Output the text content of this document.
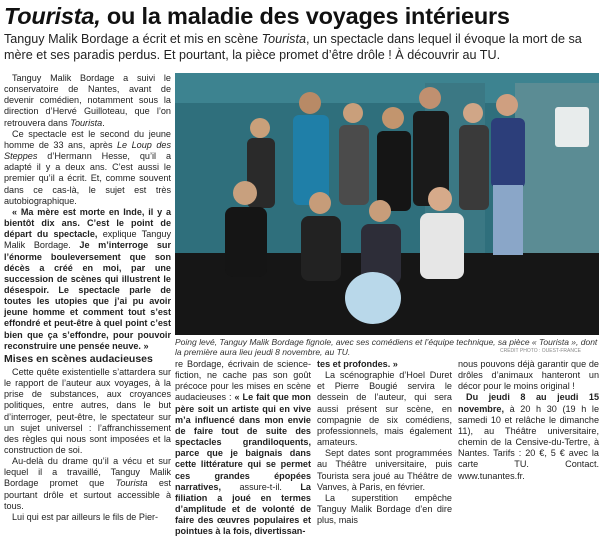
Tourista, ou la maladie des voyages intérieurs
Tanguy Malik Bordage a écrit et mis en scène Tourista, un spectacle dans lequel il évoque la mort de sa mère et ses paradis perdus. Et pourtant, la pièce promet d’être drôle ! À découvrir au TU.

Tanguy Malik Bordage a suivi le conservatoire de Nantes, avant de devenir comédien, notamment sous la direction d’Hervé Guilloteau, que l’on retrouvera dans Tourista.

Ce spectacle est le second du jeune homme de 33 ans, après Le Loup des Steppes d’Hermann Hesse, qu’il a adapté il y a deux ans. C’est aussi le premier qu’il a écrit. Et, comme souvent dans ce cas-là, le sujet est très autobiographique.

« Ma mère est morte en Inde, il y a bientôt dix ans. C’est le point de départ du spectacle, explique Tanguy Malik Bordage. Je m’interroge sur l’énorme bouleversement que son décès a créé en moi, par une succession de scènes qui illustrent le désespoir. Le spectacle parle de toutes les utopies que j’ai pu avoir jeune homme et comment tout s’est effondré et peut-être à quel point c’est bien que ça s’effondre, pour pouvoir reconstruire une pensée neuve. »

Mises en scènes audacieuses

Cette quête existentielle s’attardera sur le rapport de l’auteur aux voyages, à la prise de substances, aux croyances politiques, entre autres, dans le but d’interroger, peut-être, le spectateur sur un sujet universel : l’affranchissement des règles qui nous sont imposées et la construction de soi.

Au-delà du drame qu’il a vécu et sur lequel il a travaillé, Tanguy Malik Bordage promet que Tourista est pourtant drôle et surtout accessible à tous.

Lui qui est par ailleurs le fils de Pier-

Poing levé, Tanguy Malik Bordage fignole, avec ses comédiens et l’équipe technique, sa pièce « Tourista », dont la première aura lieu jeudi 8 novembre, au TU.	CRÉDIT PHOTO : OUEST-FRANCE

re Bordage, écrivain de science-fiction, ne cache pas son goût précoce pour les mises en scène audacieuses : « Le fait que mon père soit un artiste qui en vive m’a influencé dans mon envie de faire tout de suite des spectacles grandiloquents, parce que je baignais dans cette littérature qui se permet ces grandes épopées narratives, assure-t-il. La filiation a joué en termes d’amplitude et de volonté de faire des œuvres populaires et pointues à la fois, divertissan-

tes et profondes. »

La scénographie d’Hoel Duret et Pierre Bougié servira le dessein de l’auteur, qui sera aussi présent sur scène, en compagnie de six comédiens, professionnels, mais également amateurs.

Sept dates sont programmées au Théâtre universitaire, puis Tourista sera joué au Théâtre de Vanves, à Paris, en février.

La superstition empêche Tanguy Malik Bordage d’en dire plus, mais

nous pouvons déjà garantir que de drôles d’animaux hanteront un décor pour le moins original !

Du jeudi 8 au jeudi 15 novembre, à 20 h 30 (19 h le samedi 10 et relâche le dimanche 11), au Théâtre universitaire, chemin de la Censive-du-Tertre, à Nantes. Tarifs : 20 €, 5 € avec la carte TU. Contact. www.tunantes.fr.
